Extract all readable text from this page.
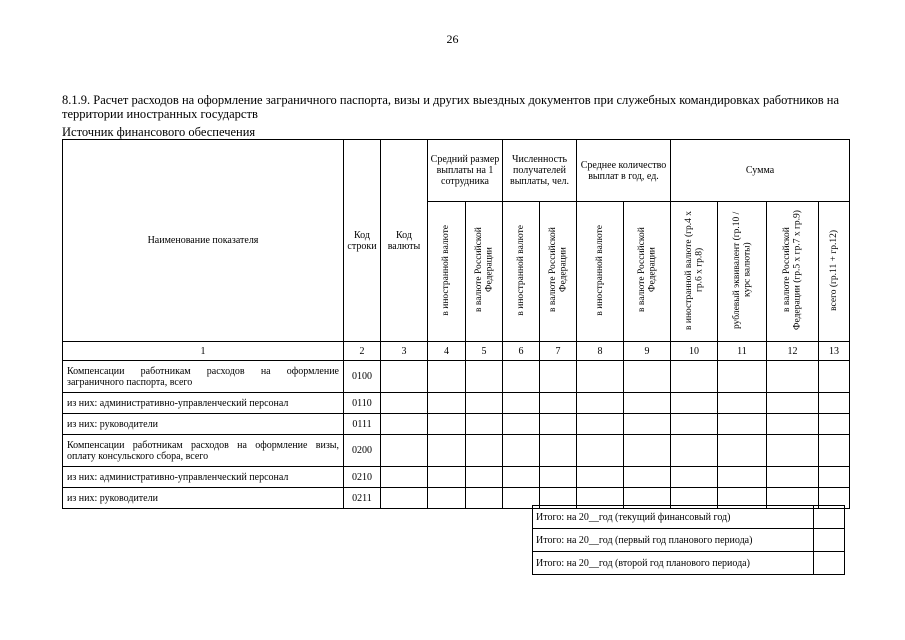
26
8.1.9. Расчет расходов на оформление заграничного паспорта, визы и других выездных документов при служебных командировках работников на территории иностранных государств
Источник финансового обеспечения
Наименование показателя	Код строки	Код валюты	Средний размер выплаты на 1 сотрудника		Численность получателей выплаты, чел.		Среднее количество выплат в год, ед.		Сумма			
			в иностранной валюте	в валюте Российской Федерации	в иностранной валюте	в валюте Российской Федерации	в иностранной валюте	в валюте Российской Федерации	в иностранной валюте (гр.4 х гр.6 х гр.8)	рублевый эквивалент (гр.10 / курс валюты)	в валюте Российской Федерации (гр.5 х гр.7 х гр.9)	всего (гр.11 + гр.12)
1	2	3	4	5	6	7	8	9	10	11	12	13
Компенсации работникам расходов на оформление заграничного паспорта, всего	0100											
из них: административно-управленческий персонал	0110											
из них: руководители	0111											
Компенсации работникам расходов на оформление визы, оплату консульского сбора, всего	0200											
из них: административно-управленческий персонал	0210											
из них: руководители	0211											
Итого: на 20__год (текущий финансовый год)	
Итого: на 20__год (первый год планового периода)	
Итого: на 20__год (второй год планового периода)	
